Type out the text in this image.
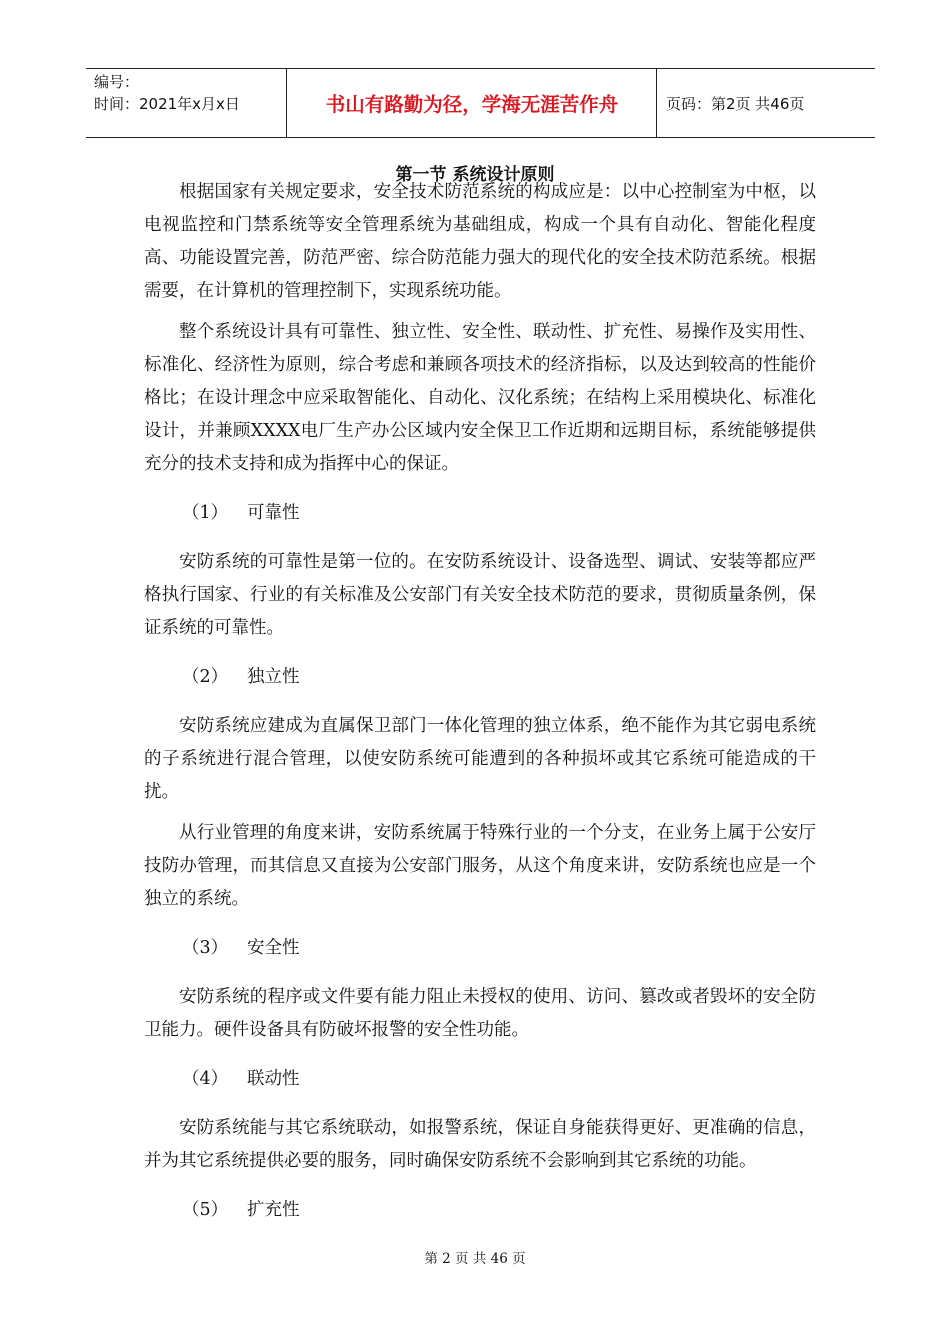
编号：
时间：2021年x月x日	书山有路勤为径，学海无涯苦作舟	页码：第2页 共46页
第一节 系统设计原则

根据国家有关规定要求，安全技术防范系统的构成应是：以中心控制室为中枢，以电视监控和门禁系统等安全管理系统为基础组成，构成一个具有自动化、智能化程度高、功能设置完善，防范严密、综合防范能力强大的现代化的安全技术防范系统。根据需要，在计算机的管理控制下，实现系统功能。

整个系统设计具有可靠性、独立性、安全性、联动性、扩充性、易操作及实用性、标准化、经济性为原则，综合考虑和兼顾各项技术的经济指标，以及达到较高的性能价格比；在设计理念中应采取智能化、自动化、汉化系统；在结构上采用模块化、标准化设计，并兼顾XXXX电厂生产办公区域内安全保卫工作近期和远期目标，系统能够提供充分的技术支持和成为指挥中心的保证。

（1） 可靠性

安防系统的可靠性是第一位的。在安防系统设计、设备选型、调试、安装等都应严格执行国家、行业的有关标准及公安部门有关安全技术防范的要求，贯彻质量条例，保证系统的可靠性。

（2） 独立性

安防系统应建成为直属保卫部门一体化管理的独立体系，绝不能作为其它弱电系统的子系统进行混合管理，以使安防系统可能遭到的各种损坏或其它系统可能造成的干扰。

从行业管理的角度来讲，安防系统属于特殊行业的一个分支，在业务上属于公安厅技防办管理，而其信息又直接为公安部门服务，从这个角度来讲，安防系统也应是一个独立的系统。

（3） 安全性

安防系统的程序或文件要有能力阻止未授权的使用、访问、篡改或者毁坏的安全防卫能力。硬件设备具有防破坏报警的安全性功能。

（4） 联动性

安防系统能与其它系统联动，如报警系统，保证自身能获得更好、更准确的信息，并为其它系统提供必要的服务，同时确保安防系统不会影响到其它系统的功能。

（5） 扩充性

第 2 页 共 46 页
